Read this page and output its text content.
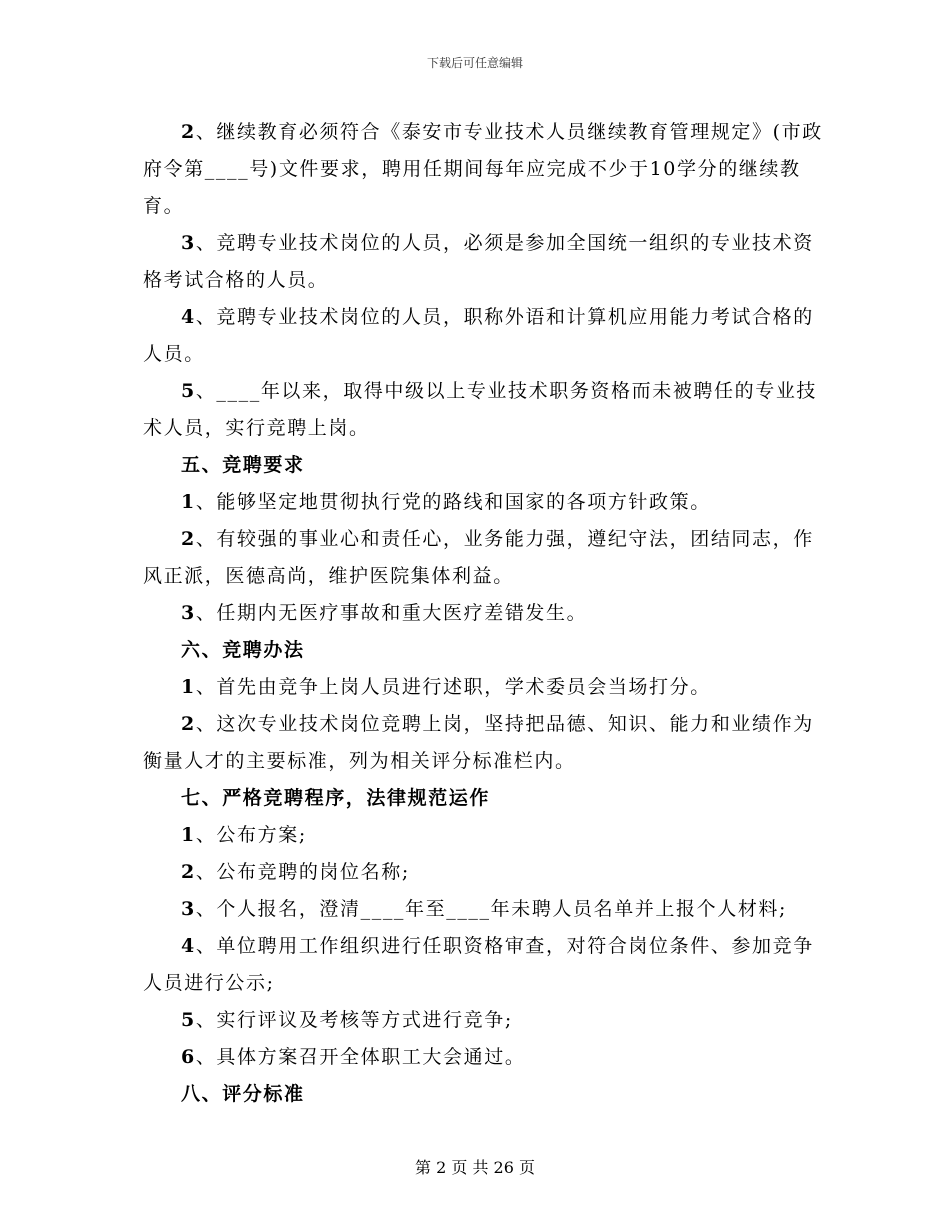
下载后可任意编辑

2、继续教育必须符合《泰安市专业技术人员继续教育管理规定》(市政府令第____号)文件要求，聘用任期间每年应完成不少于10学分的继续教育。

3、竞聘专业技术岗位的人员，必须是参加全国统一组织的专业技术资格考试合格的人员。

4、竞聘专业技术岗位的人员，职称外语和计算机应用能力考试合格的人员。

5、____年以来，取得中级以上专业技术职务资格而未被聘任的专业技术人员，实行竞聘上岗。

五、竞聘要求

1、能够坚定地贯彻执行党的路线和国家的各项方针政策。

2、有较强的事业心和责任心，业务能力强，遵纪守法，团结同志，作风正派，医德高尚，维护医院集体利益。

3、任期内无医疗事故和重大医疗差错发生。

六、竞聘办法

1、首先由竞争上岗人员进行述职，学术委员会当场打分。

2、这次专业技术岗位竞聘上岗，坚持把品德、知识、能力和业绩作为衡量人才的主要标准，列为相关评分标准栏内。

七、严格竞聘程序，法律规范运作

1、公布方案;

2、公布竞聘的岗位名称;

3、个人报名，澄清____年至____年未聘人员名单并上报个人材料;

4、单位聘用工作组织进行任职资格审查，对符合岗位条件、参加竞争人员进行公示;

5、实行评议及考核等方式进行竞争;

6、具体方案召开全体职工大会通过。

八、评分标准

第 2 页 共 26 页
